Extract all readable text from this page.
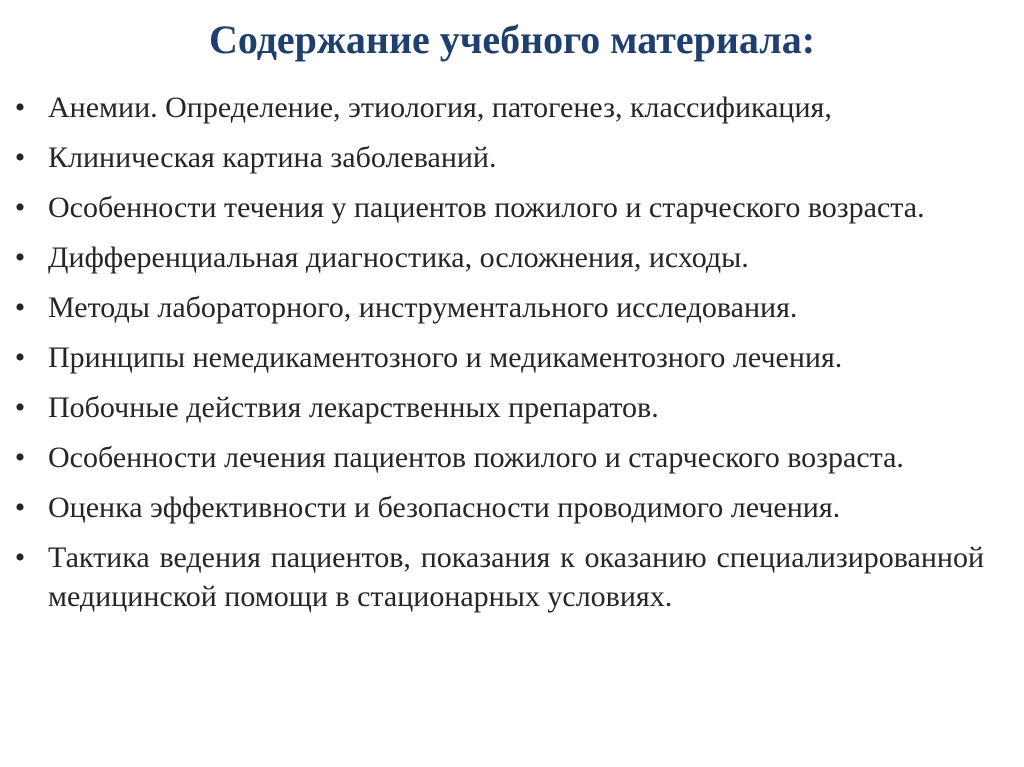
Содержание учебного материала:
• Анемии. Определение, этиология, патогенез, классификация,
• Клиническая картина заболеваний.
• Особенности течения у пациентов пожилого и старческого возраста.
• Дифференциальная диагностика, осложнения, исходы.
• Методы лабораторного, инструментального исследования.
• Принципы немедикаментозного и медикаментозного лечения.
• Побочные действия лекарственных препаратов.
• Особенности лечения пациентов пожилого и старческого возраста.
• Оценка эффективности и безопасности проводимого лечения.
• Тактика ведения пациентов, показания к оказанию специализированной медицинской помощи в стационарных условиях.
